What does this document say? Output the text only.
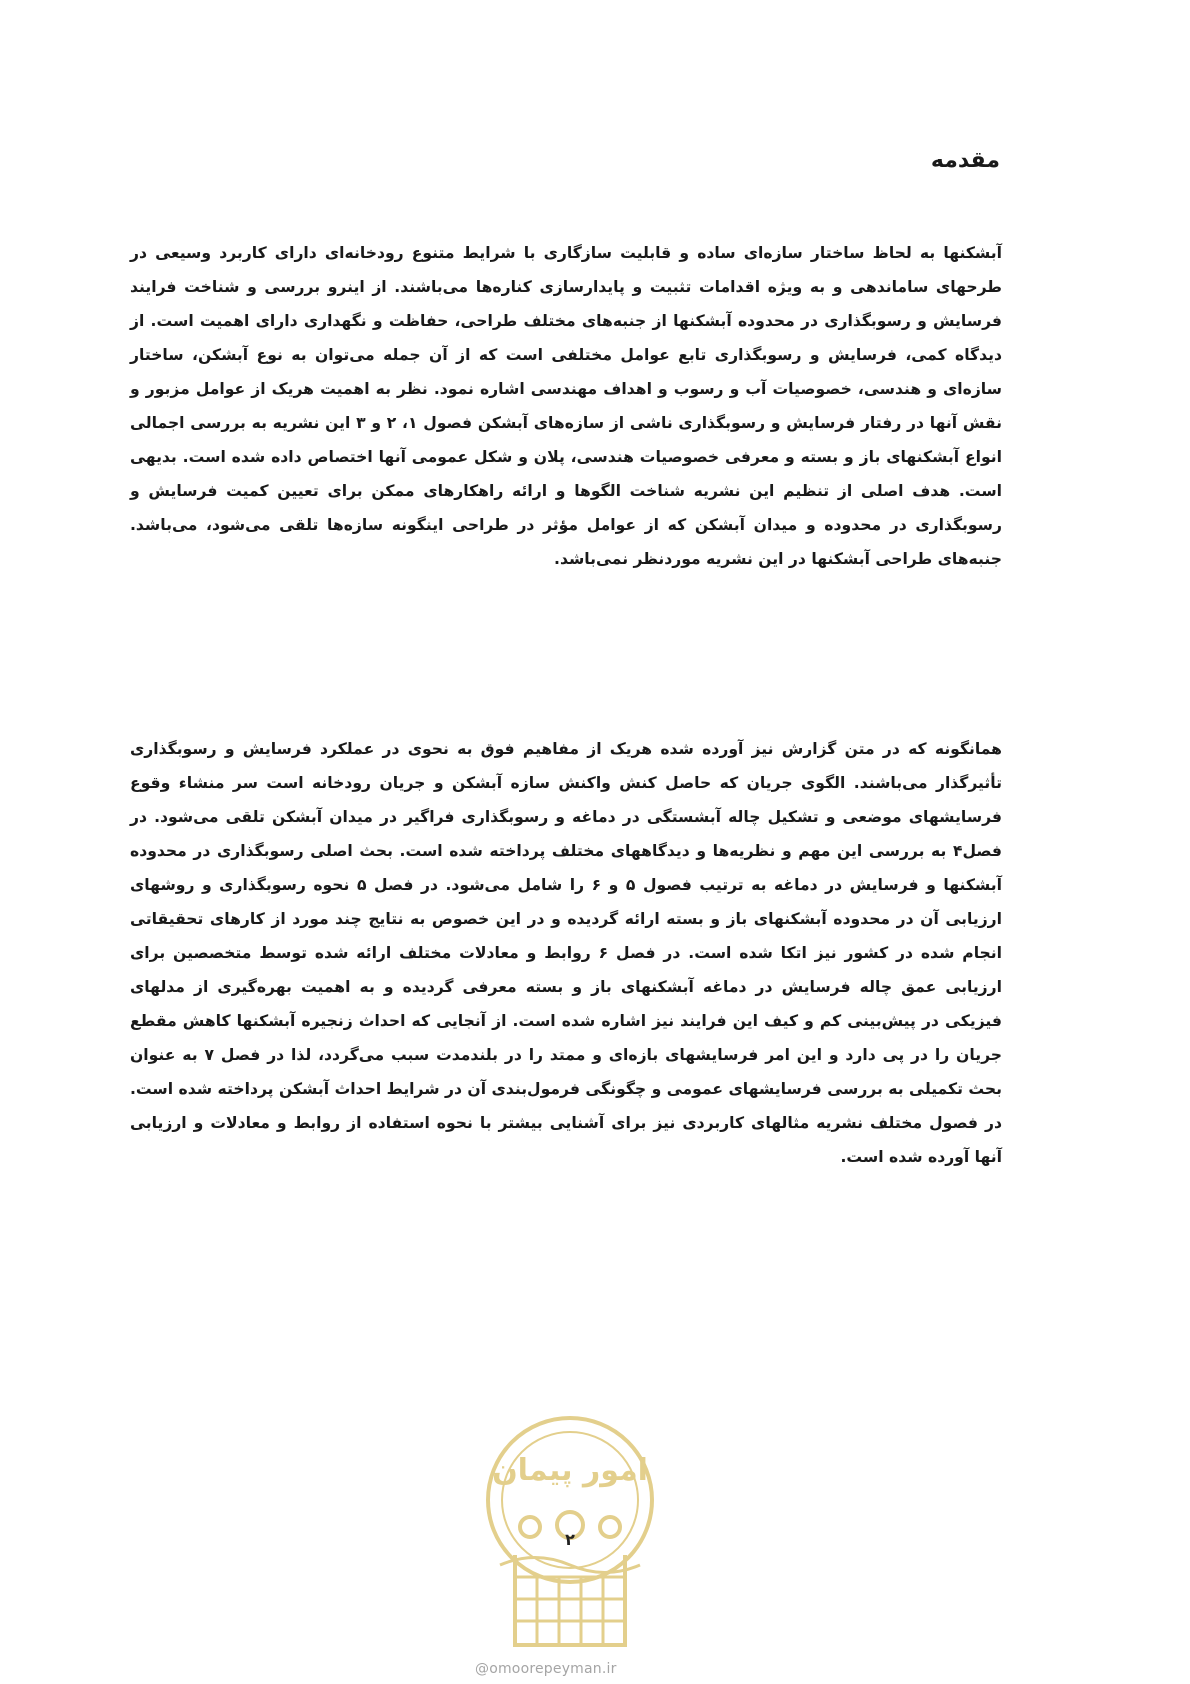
مقدمه

آبشکنها به لحاظ ساختار سازه‌ای ساده و قابلیت سازگاری با شرایط متنوع رودخانه‌ای دارای کاربرد وسیعی در طرحهای ساماندهی و به ویژه اقدامات تثبیت و پایدارسازی کناره‌ها می‌باشند. از اینرو بررسی و شناخت فرایند فرسایش و رسوبگذاری در محدوده آبشکنها از جنبه‌های مختلف طراحی، حفاظت و نگهداری دارای اهمیت است. از دیدگاه کمی، فرسایش و رسوبگذاری تابع عوامل مختلفی است که از آن جمله می‌توان به نوع آبشکن، ساختار سازه‌ای و هندسی، خصوصیات آب و رسوب و اهداف مهندسی اشاره نمود. نظر به اهمیت هریک از عوامل مزبور و نقش آنها در رفتار فرسایش و رسوبگذاری ناشی از سازه‌های آبشکن فصول ۱، ۲ و ۳ این نشریه به بررسی اجمالی انواع آبشکنهای باز و بسته و معرفی خصوصیات هندسی، پلان و شکل عمومی آنها اختصاص داده شده است. بدیهی است. هدف اصلی از تنظیم این نشریه شناخت الگوها و ارائه راهکارهای ممکن برای تعیین کمیت فرسایش و رسوبگذاری در محدوده و میدان آبشکن که از عوامل مؤثر در طراحی اینگونه سازه‌ها تلقی می‌شود، می‌باشد. جنبه‌های طراحی آبشکنها در این نشریه موردنظر نمی‌باشد.

همانگونه که در متن گزارش نیز آورده شده هریک از مفاهیم فوق به نحوی در عملکرد فرسایش و رسوبگذاری تأثیرگذار می‌باشند. الگوی جریان که حاصل کنش واکنش سازه آبشکن و جریان رودخانه است سر منشاء وقوع فرسایشهای موضعی و تشکیل چاله آبشستگی در دماغه و رسوبگذاری فراگیر در میدان آبشکن تلقی می‌شود. در فصل۴ به بررسی این مهم و نظریه‌ها و دیدگاههای مختلف پرداخته شده است. بحث اصلی رسوبگذاری در محدوده آبشکنها و فرسایش در دماغه به ترتیب فصول ۵ و ۶ را شامل می‌شود. در فصل ۵ نحوه رسوبگذاری و روشهای ارزیابی آن در محدوده آبشکنهای باز و بسته ارائه گردیده و در این خصوص به نتایج چند مورد از کارهای تحقیقاتی انجام شده در کشور نیز اتکا شده است. در فصل ۶ روابط و معادلات مختلف ارائه شده توسط متخصصین برای ارزیابی عمق چاله فرسایش در دماغه آبشکنهای باز و بسته معرفی گردیده و به اهمیت بهره‌گیری از مدلهای فیزیکی در پیش‌بینی کم و کیف این فرایند نیز اشاره شده است. از آنجایی که احداث زنجیره آبشکنها کاهش مقطع جریان را در پی دارد و این امر فرسایشهای بازه‌ای و ممتد را در بلندمدت سبب می‌گردد، لذا در فصل ۷ به عنوان بحث تکمیلی به بررسی فرسایشهای عمومی و چگونگی فرمول‌بندی آن در شرایط احداث آبشکن پرداخته شده است. در فصول مختلف نشریه مثالهای کاربردی نیز برای آشنایی بیشتر با نحوه استفاده از روابط و معادلات و ارزیابی آنها آورده شده است.

امور پیمان
۲
@omoorepeyman.ir
